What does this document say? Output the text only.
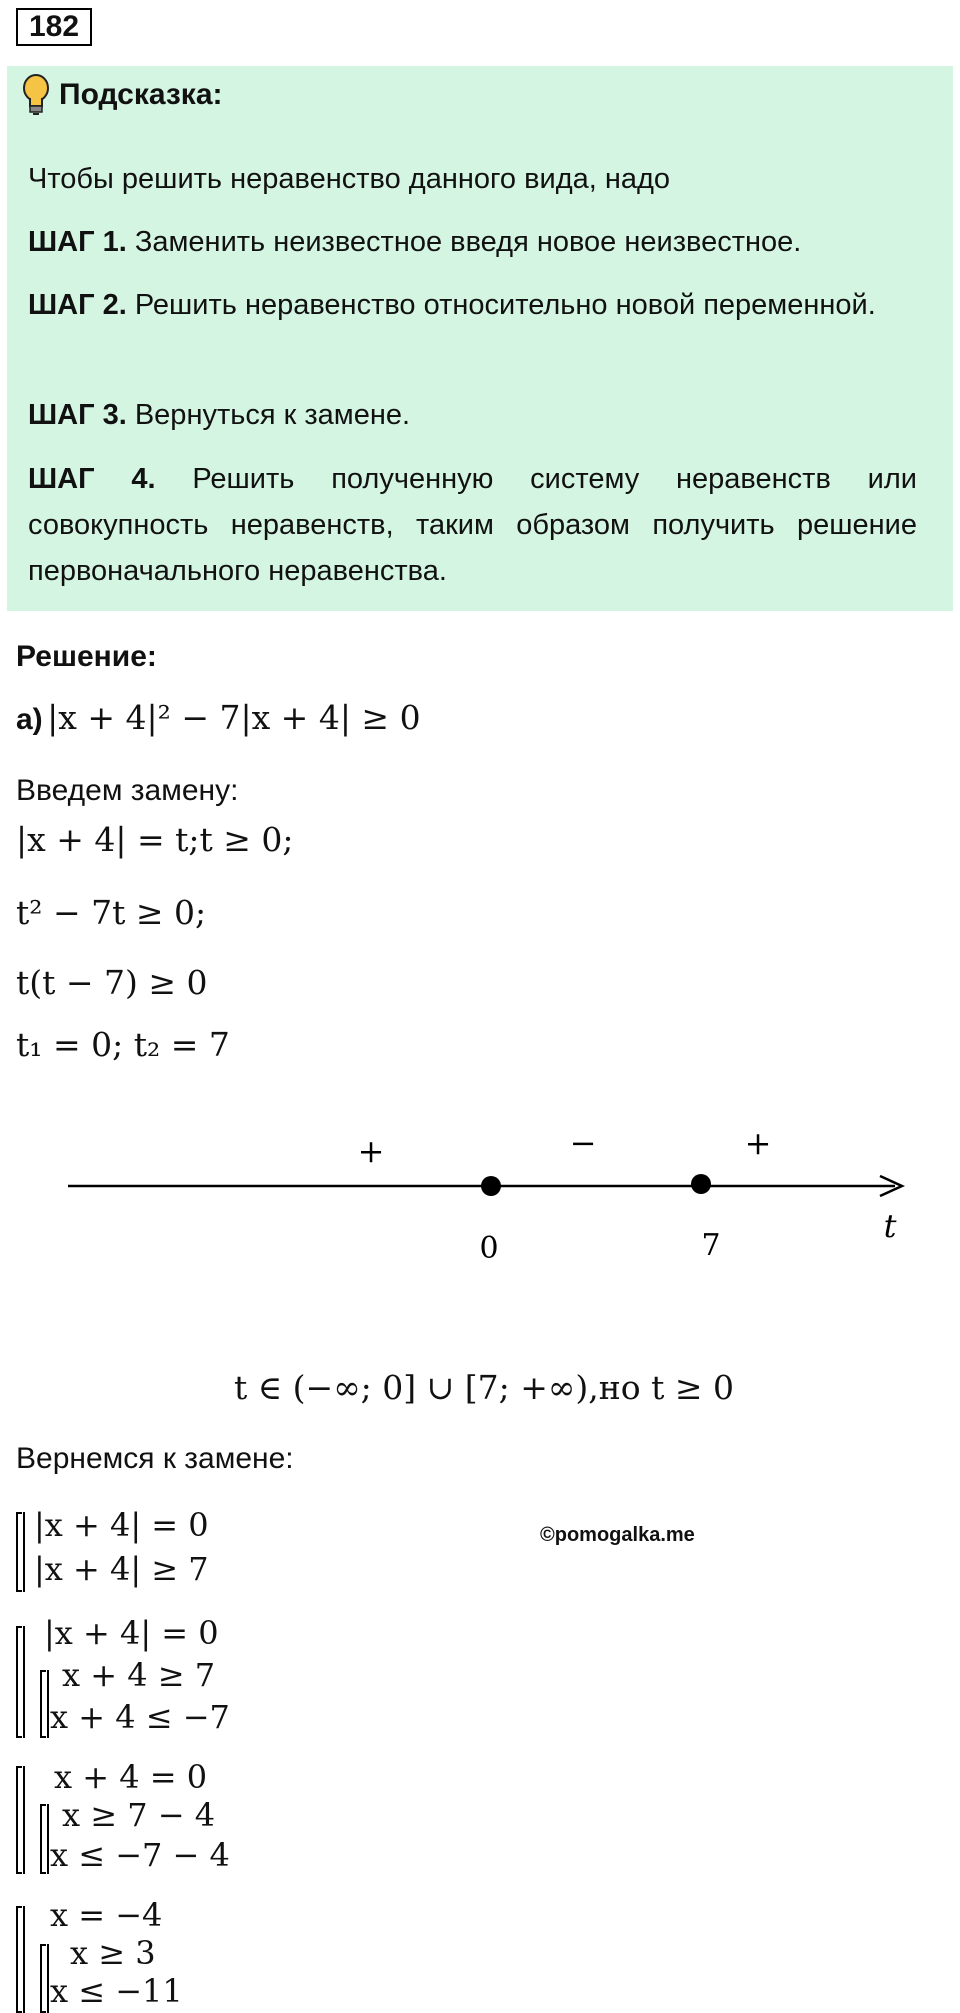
182
Подсказка:

Чтобы решить неравенство данного вида, надо

ШАГ 1. Заменить неизвестное введя новое неизвестное.

ШАГ 2. Решить неравенство относительно новой переменной.

ШАГ 3. Вернуться к замене.

ШАГ 4. Решить полученную систему неравенств или совокупность неравенств, таким образом получить решение первоначального неравенства.

Решение:
а) |x + 4|² − 7|x + 4| ≥ 0
Введем замену:
|x + 4| = t;t ≥ 0;
t² − 7t ≥ 0;
t(t − 7) ≥ 0
t₁ = 0; t₂ = 7
+	−	+
0	7
t
t ∈ (−∞; 0] ∪ [7; +∞),но t ≥ 0
Вернемся к замене:
|x + 4| = 0
|x + 4| ≥ 7
©pomogalka.me
|x + 4| = 0
x + 4 ≥ 7
x + 4 ≤ −7
x + 4 = 0
x ≥ 7 − 4
x ≤ −7 − 4
x = −4
x ≥ 3
x ≤ −11
